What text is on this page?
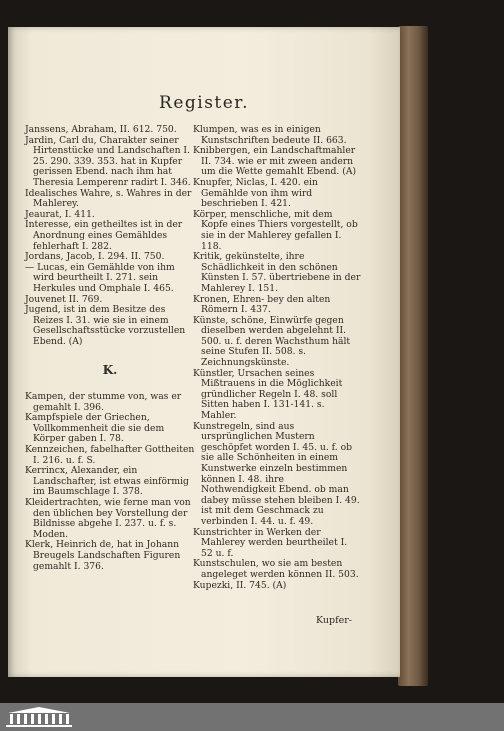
Register.

Janssens, Abraham, II. 612. 750.

Jardin, Carl du, Charakter seiner Hirtenstücke und Landschaften I. 25. 290. 339. 353. hat in Kupfer gerissen Ebend. nach ihm hat Theresia Lemperenr radirt I. 346.

Idealisches Wahre, s. Wahres in der Mahlerey.

Jeaurat, I. 411.

Interesse, ein getheiltes ist in der Anordnung eines Gemähldes fehlerhaft I. 282.

Jordans, Jacob, I. 294. II. 750.

— Lucas, ein Gemählde von ihm wird beurtheilt I. 271. sein Herkules und Omphale I. 465.

Jouvenet II. 769.

Jugend, ist in dem Besitze des Reizes I. 31. wie sie in einem Gesellschaftsstücke vorzustellen Ebend. (A)

K.

Kampen, der stumme von, was er gemahlt I. 396.

Kampfspiele der Griechen, Vollkommenheit die sie dem Körper gaben I. 78.

Kennzeichen, fabelhafter Gottheiten I. 216. u. f. S.

Kerrincx, Alexander, ein Landschafter, ist etwas einförmig im Baumschlage I. 378.

Kleidertrachten, wie ferne man von den üblichen bey Vorstellung der Bildnisse abgehe I. 237. u. f. s. Moden.

Klerk, Heinrich de, hat in Johann Breugels Landschaften Figuren gemahlt I. 376.

Klumpen, was es in einigen Kunstschriften bedeute II. 663.

Knibbergen, ein Landschaftmahler II. 734. wie er mit zween andern um die Wette gemahlt Ebend. (A)

Knupfer, Niclas, I. 420. ein Gemählde von ihm wird beschrieben I. 421.

Körper, menschliche, mit dem Kopfe eines Thiers vorgestellt, ob sie in der Mahlerey gefallen I. 118.

Kritik, gekünstelte, ihre Schädlichkeit in den schönen Künsten I. 57. übertriebene in der Mahlerey I. 151.

Kronen, Ehren- bey den alten Römern I. 437.

Künste, schöne, Einwürfe gegen dieselben werden abgelehnt II. 500. u. f. deren Wachsthum hält seine Stufen II. 508. s. Zeichnungskünste.

Künstler, Ursachen seines Mißtrauens in die Möglichkeit gründlicher Regeln I. 48. soll Sitten haben I. 131-141. s. Mahler.

Kunstregeln, sind aus ursprünglichen Mustern geschöpfet worden I. 45. u. f. ob sie alle Schönheiten in einem Kunstwerke einzeln bestimmen können I. 48. ihre Nothwendigkeit Ebend. ob man dabey müsse stehen bleiben I. 49. ist mit dem Geschmack zu verbinden I. 44. u. f. 49.

Kunstrichter in Werken der Mahlerey werden beurtheilet I. 52 u. f.

Kunstschulen, wo sie am besten angeleget werden können II. 503.

Kupezki, II. 745. (A)

Kupfer-
